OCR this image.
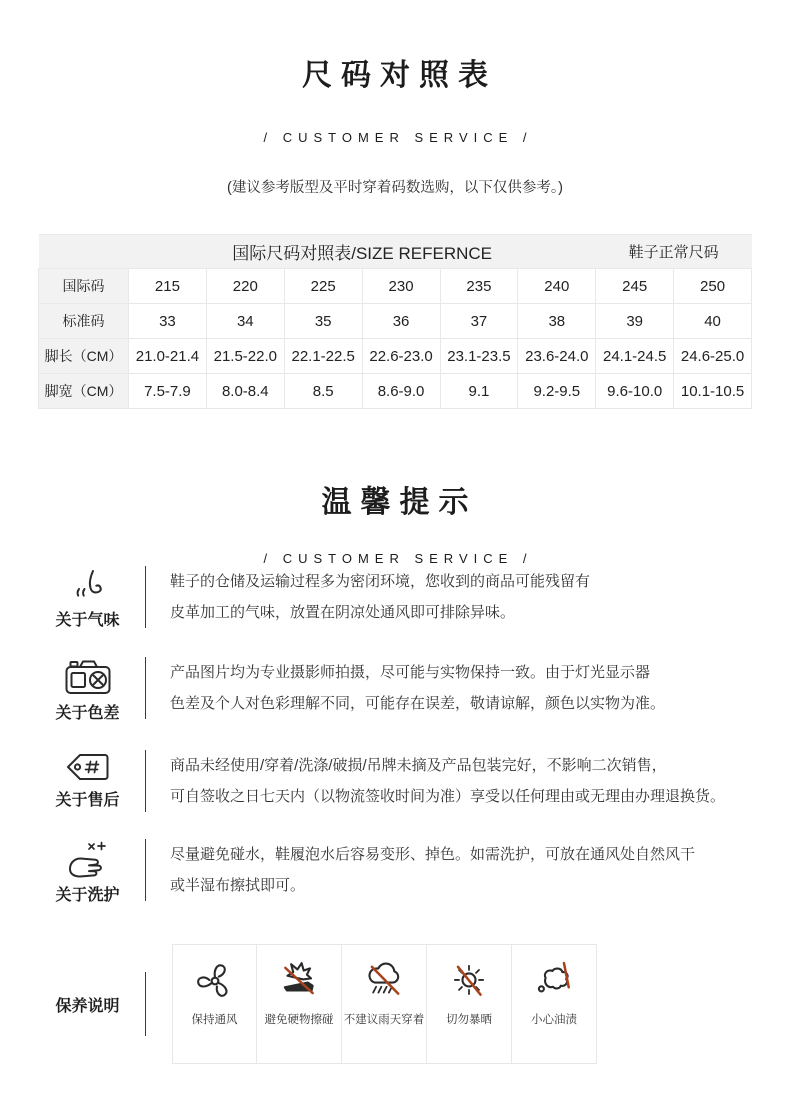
尺码对照表
/ CUSTOMER SERVICE /
(建议参考版型及平时穿着码数选购，以下仅供参考。)
	国际尺码对照表/SIZE REFERNCE						鞋子正常尺码	
国际码	215	220	225	230	235	240	245	250
标准码	33	34	35	36	37	38	39	40
脚长（CM）	21.0-21.4	21.5-22.0	22.1-22.5	22.6-23.0	23.1-23.5	23.6-24.0	24.1-24.5	24.6-25.0
脚宽（CM）	7.5-7.9	8.0-8.4	8.5	8.6-9.0	9.1	9.2-9.5	9.6-10.0	10.1-10.5
温馨提示
/ CUSTOMER SERVICE /
关于气味
鞋子的仓储及运输过程多为密闭环境，您收到的商品可能残留有
皮革加工的气味，放置在阴凉处通风即可排除异味。
关于色差
产品图片均为专业摄影师拍摄，尽可能与实物保持一致。由于灯光显示器
色差及个人对色彩理解不同，可能存在误差，敬请谅解，颜色以实物为准。
关于售后
商品未经使用/穿着/洗涤/破损/吊牌未摘及产品包装完好，不影响二次销售，
可自签收之日七天内（以物流签收时间为准）享受以任何理由或无理由办理退换货。
关于洗护
尽量避免碰水，鞋履泡水后容易变形、掉色。如需洗护，可放在通风处自然风干
或半湿布擦拭即可。
保养说明
保持通风 避免硬物擦碰 不建议雨天穿着 切勿暴晒	小心油渍
